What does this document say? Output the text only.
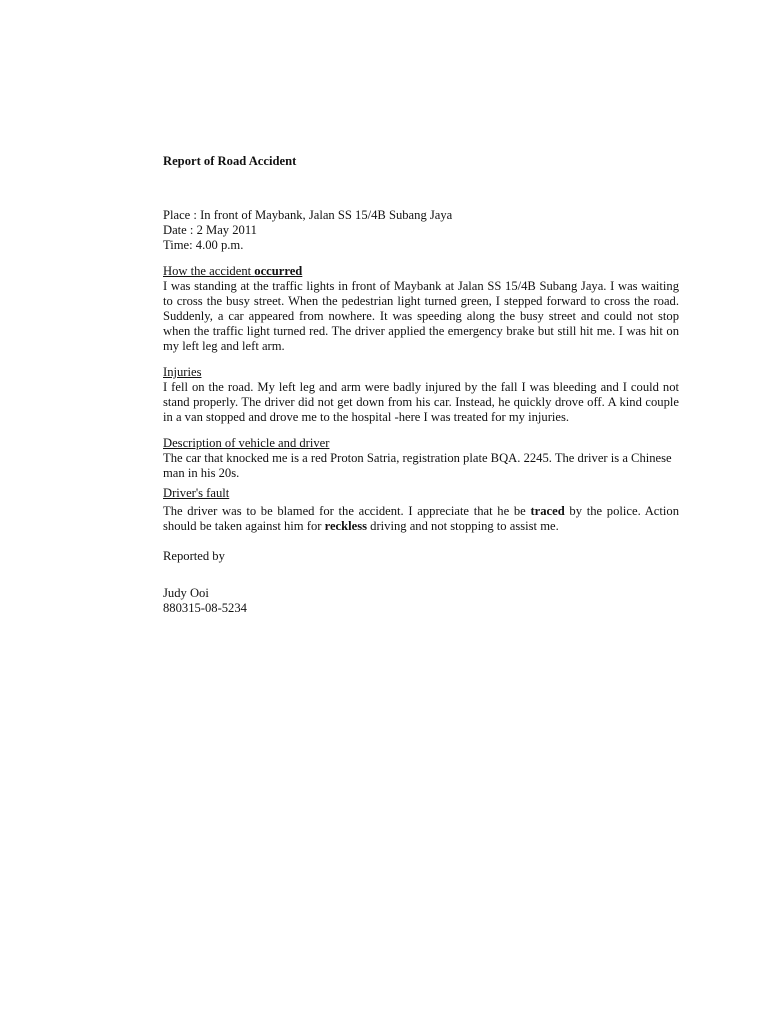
Report of Road Accident
Place : In front of Maybank, Jalan SS 15/4B Subang Jaya
Date : 2 May 2011
Time: 4.00 p.m.
How the accident occurred

I was standing at the traffic lights in front of Maybank at Jalan SS 15/4B Subang Jaya. I was waiting to cross the busy street. When the pedestrian light turned green, I stepped forward to cross the road. Suddenly, a car appeared from nowhere. It was speeding along the busy street and could not stop when the traffic light turned red. The driver applied the emergency brake but still hit me. I was hit on my left leg and left arm.

Injuries

I fell on the road. My left leg and arm were badly injured by the fall I was bleeding and I could not stand properly. The driver did not get down from his car. Instead, he quickly drove off. A kind couple in a van stopped and drove me to the hospital -here I was treated for my injuries.

Description of vehicle and driver

The car that knocked me is a red Proton Satria, registration plate BQA. 2245. The driver is a Chinese man in his 20s.

Driver's fault

The driver was to be blamed for the accident. I appreciate that he be traced by the police. Action should be taken against him for reckless driving and not stopping to assist me.

Reported by
Judy Ooi
880315-08-5234
